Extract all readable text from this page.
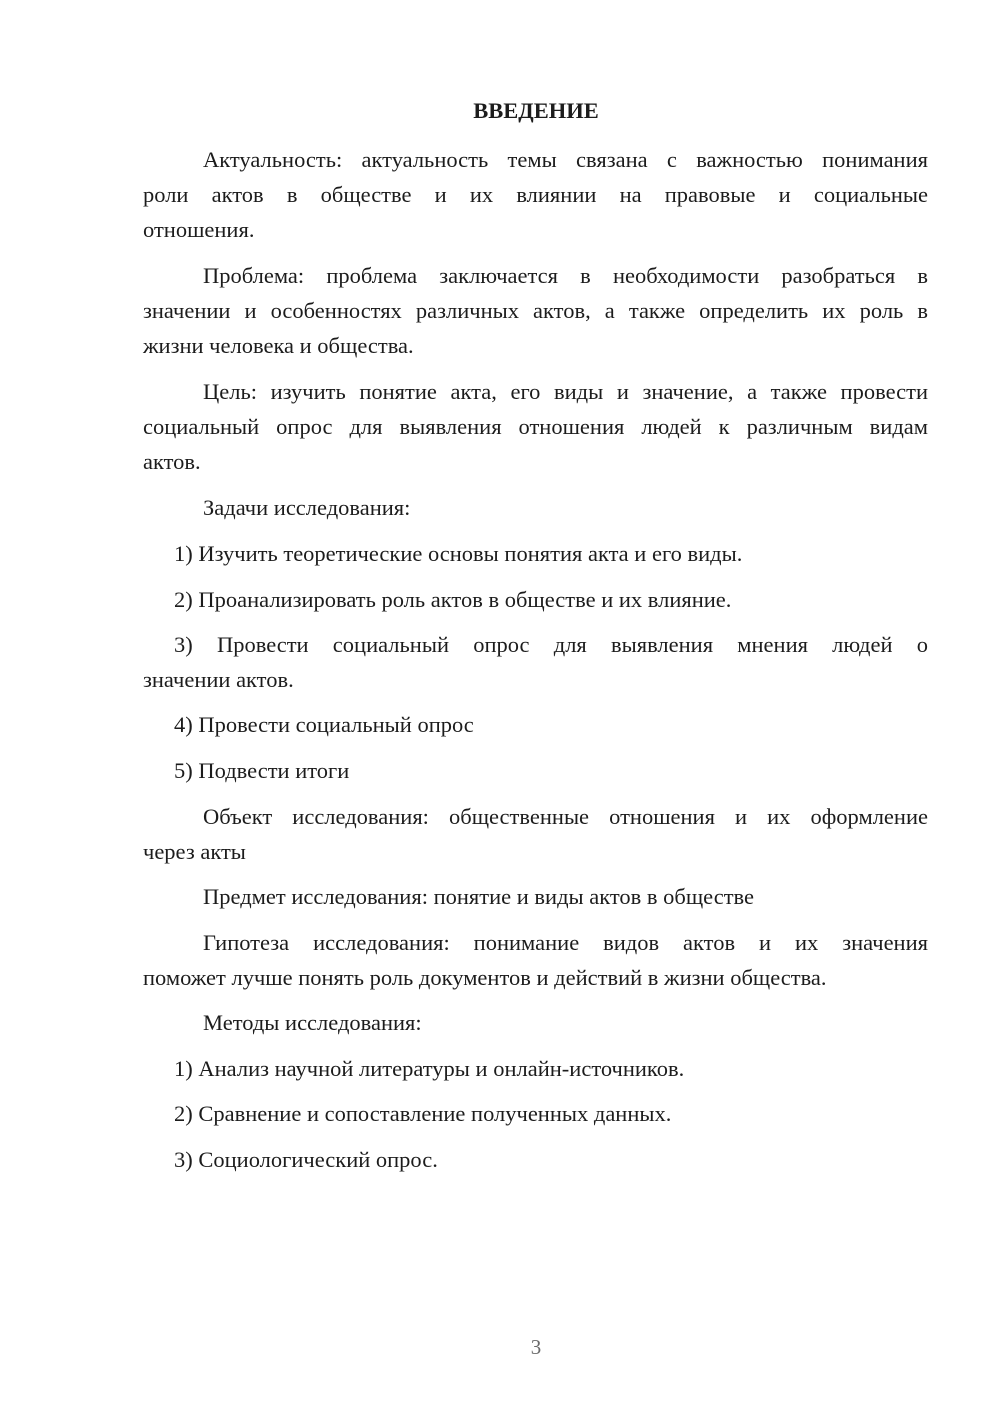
ВВЕДЕНИЕ
Актуальность: актуальность темы связана с важностью понимания
роли актов в обществе и их влиянии на правовые и социальные
отношения.
Проблема: проблема заключается в необходимости разобраться в
значении и особенностях различных актов, а также определить их роль в
жизни человека и общества.
Цель: изучить понятие акта, его виды и значение, а также провести
социальный опрос для выявления отношения людей к различным видам
актов.
Задачи исследования:
1) Изучить теоретические основы понятия акта и его виды.
2) Проанализировать роль актов в обществе и их влияние.
3) Провести социальный опрос для выявления мнения людей о
значении актов.
4) Провести социальный опрос
5) Подвести итоги
Объект исследования: общественные отношения и их оформление
через акты
Предмет исследования: понятие и виды актов в обществе
Гипотеза исследования: понимание видов актов и их значения
поможет лучше понять роль документов и действий в жизни общества.
Методы исследования:
1) Анализ научной литературы и онлайн-источников.
2) Сравнение и сопоставление полученных данных.
3) Социологический опрос.
3
